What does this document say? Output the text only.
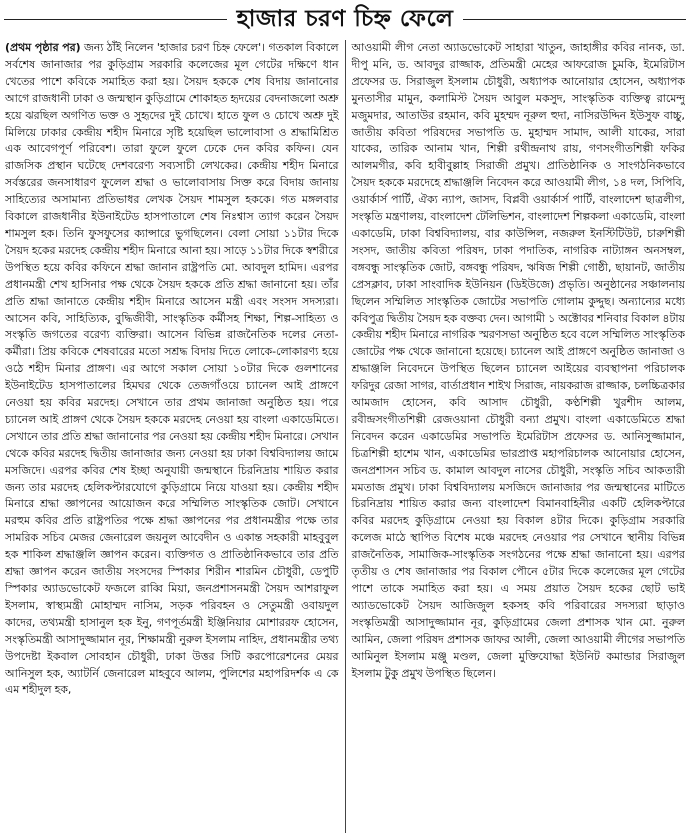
হাজার চরণ চিহ্ন ফেলে

(প্রথম পৃষ্ঠার পর) জন্য ঠাঁই নিলেন 'হাজার চরণ চিহ্ন ফেলে'। গতকাল বিকালে সর্বশেষ জানাজার পর কুড়িগ্রাম সরকারি কলেজের মূল গেটের দক্ষিণে ধান খেতের পাশে কবিকে সমাহিত করা হয়। সৈয়দ হককে শেষ বিদায় জানানোর আগে রাজধানী ঢাকা ও জন্মস্থান কুড়িগ্রামে শোকাহত হৃদয়ের বেদনাজলো অশ্রু হয়ে ঝরছিল অগণিত ভক্ত ও সুহৃদের দুই চোখে। হাতে ফুল ও চোখে অশ্রু দুই মিলিয়ে ঢাকার কেন্দ্রীয় শহীদ মিনারে সৃষ্টি হয়েছিল ভালোবাসা ও শ্রদ্ধামিশ্রিত এক আবেগপূর্ণ পরিবেশ। তারা ফুলে ফুলে ঢেকে দেন কবির কফিন। যেন রাজসিক প্রস্থান ঘটেছে দেশবরেণ্য সব্যসাচী লেখকের। কেন্দ্রীয় শহীদ মিনারে সর্বস্তরের জনসাধারণ ফুলেল শ্রদ্ধা ও ভালোবাসায় সিক্ত করে বিদায় জানায় সাহিত্যের অসামান্য প্রতিভাধর লেখক সৈয়দ শামসুল হককে। গত মঙ্গলবার বিকালে রাজধানীর ইউনাইটেড হাসপাতালে শেষ নিঃশ্বাস ত্যাগ করেন সৈয়দ শামসুল হক। তিনি ফুসফুসের ক্যান্সারে ভুগছিলেন। বেলা সোয়া ১১টার দিকে সৈয়দ হকের মরদেহ কেন্দ্রীয় শহীদ মিনারে আনা হয়। সাড়ে ১১টার দিকে স্বশরীরে উপস্থিত হয়ে কবির কফিনে শ্রদ্ধা জানান রাষ্ট্রপতি মো. আবদুল হামিদ। এরপর প্রধানমন্ত্রী শেখ হাসিনার পক্ষ থেকে সৈয়দ হককে প্রতি শ্রদ্ধা জানানো হয়। তাঁর প্রতি শ্রদ্ধা জানাতে কেন্দ্রীয় শহীদ মিনারে আসেন মন্ত্রী এবং সংসদ সদস্যরা। আসেন কবি, সাহিত্যিক, বুদ্ধিজীবী, সাংস্কৃতিক কর্মীসহ শিক্ষা, শিল্প-সাহিত্য ও সংস্কৃতি জগতের বরেণ্য ব্যক্তিরা। আসেন বিভিন্ন রাজনৈতিক দলের নেতা-কর্মীরা। প্রিয় কবিকে শেষবারের মতো সশ্রদ্ধ বিদায় দিতে লোকে-লোকারণ্য হয়ে ওঠে শহীদ মিনার প্রাঙ্গণ। এর আগে সকাল সোয়া ১০টার দিকে গুলশানের ইউনাইটেড হাসপাতালের হিমঘর থেকে তেজগাঁওয়ে চ্যানেল আই প্রাঙ্গণে নেওয়া হয় কবির মরদেহ। সেখানে তার প্রথম জানাজা অনুষ্ঠিত হয়। পরে চ্যানেল আই প্রাঙ্গণ থেকে সৈয়দ হককে মরদেহ নেওয়া হয় বাংলা একাডেমিতে। সেখানে তার প্রতি শ্রদ্ধা জানানোর পর নেওয়া হয় কেন্দ্রীয় শহীদ মিনারে। সেখান থেকে কবির মরদেহ দ্বিতীয় জানাজার জন্য নেওয়া হয় ঢাকা বিশ্ববিদ্যালয় জামে মসজিদে। এরপর কবির শেষ ইচ্ছা অনুযায়ী জন্মস্থানে চিরনিদ্রায় শায়িত করার জন্য তার মরদেহ হেলিকপ্টারযোগে কুড়িগ্রামে নিয়ে যাওয়া হয়। কেন্দ্রীয় শহীদ মিনারে শ্রদ্ধা জ্ঞাপনের আয়োজন করে সম্মিলিত সাংস্কৃতিক জোট। সেখানে মরহুম কবির প্রতি রাষ্ট্রপতির পক্ষে শ্রদ্ধা জ্ঞাপনের পর প্রধানমন্ত্রীর পক্ষে তার সামরিক সচিব মেজর জেনারেল জয়নুল আবেদীন ও একান্ত সহকারী মাহবুবুল হক শাকিল শ্রদ্ধাঞ্জলি জ্ঞাপন করেন। ব্যক্তিগত ও প্রাতিষ্ঠানিকভাবে তার প্রতি শ্রদ্ধা জ্ঞাপন করেন জাতীয় সংসদের স্পিকার শিরীন শারমিন চৌধুরী, ডেপুটি স্পিকার অ্যাডভোকেট ফজলে রাব্বি মিয়া, জনপ্রশাসনমন্ত্রী সৈয়দ আশরাফুল ইসলাম, স্বাস্থ্যমন্ত্রী মোহাম্মদ নাসিম, সড়ক পরিবহন ও সেতুমন্ত্রী ওবায়দুল কাদের, তথ্যমন্ত্রী হাসানুল হক ইনু, গণপূর্তমন্ত্রী ইঞ্জিনিয়ার মোশাররফ হোসেন, সংস্কৃতিমন্ত্রী আসাদুজ্জামান নূর, শিক্ষামন্ত্রী নুরুল ইসলাম নাহিদ, প্রধানমন্ত্রীর তথ্য উপদেষ্টা ইকবাল সোবহান চৌধুরী, ঢাকা উত্তর সিটি করপোরেশনের মেয়র আনিসুল হক, অ্যাটর্নি জেনারেল মাহবুবে আলম, পুলিশের মহাপরিদর্শক এ কে এম শহীদুল হক,

আওয়ামী লীগ নেতা অ্যাডভোকেট সাহারা খাতুন, জাহাঙ্গীর কবির নানক, ডা. দীপু মনি, ড. আবদুর রাজ্জাক, প্রতিমন্ত্রী মেহের আফরোজ চুমকি, ইমেরিটাস প্রফেসর ড. সিরাজুল ইসলাম চৌধুরী, অধ্যাপক আনোয়ার হোসেন, অধ্যাপক মুনতাসীর মামুন, কলামিস্ট সৈয়দ আবুল মকসুদ, সাংস্কৃতিক ব্যক্তিত্ব রামেন্দু মজুমদার, আতাউর রহমান, কবি মুহম্মদ নূরুল হুদা, নাসিরউদ্দিন ইউসুফ বাচ্চু, জাতীয় কবিতা পরিষদের সভাপতি ড. মুহাম্মদ সামাদ, আলী যাকের, সারা যাকের, তারিক আনাম খান, শিল্পী রথীন্দ্রনাথ রায়, গণসংগীতশিল্পী ফকির আলমগীর, কবি হাবীবুল্লাহ সিরাজী প্রমুখ। প্রাতিষ্ঠানিক ও সাংগঠনিকভাবে সৈয়দ হককে মরদেহে শ্রদ্ধাঞ্জলি নিবেদন করে আওয়ামী লীগ, ১৪ দল, সিপিবি, ওয়ার্কার্স পার্টি, ঐক্য ন্যাপ, জাসদ, বিপ্লবী ওয়ার্কার্স পার্টি, বাংলাদেশ ছাত্রলীগ, সংস্কৃতি মন্ত্রণালয়, বাংলাদেশ টেলিভিশন, বাংলাদেশ শিল্পকলা একাডেমি, বাংলা একাডেমি, ঢাকা বিশ্ববিদ্যালয়, বার কাউন্সিল, নজরুল ইনস্টিটিউট, চারুশিল্পী সংসদ, জাতীয় কবিতা পরিষদ, ঢাকা পদাতিক, নাগরিক নাট্যাঙ্গন অনসম্বল, বঙ্গবন্ধু সাংস্কৃতিক জোট, বঙ্গবন্ধু পরিষদ, ঋষিজ শিল্পী গোষ্ঠী, ছায়ানট, জাতীয় প্রেসক্লাব, ঢাকা সাংবাদিক ইউনিয়ন (ডিইউজে) প্রভৃতি। অনুষ্ঠানের সঞ্চালনায় ছিলেন সম্মিলিত সাংস্কৃতিক জোটের সভাপতি গোলাম কুদ্দুছ। অন্যান্যের মধ্যে কবিপুত্র দ্বিতীয় সৈয়দ হক বক্তব্য দেন। আগামী ১ অক্টোবর শনিবার বিকাল ৪টায় কেন্দ্রীয় শহীদ মিনারে নাগরিক স্মরণসভা অনুষ্ঠিত হবে বলে সম্মিলিত সাংস্কৃতিক জোটের পক্ষ থেকে জানানো হয়েছে। চ্যানেল আই প্রাঙ্গণে অনুষ্ঠিত জানাজা ও শ্রদ্ধাঞ্জলি নিবেদনে উপস্থিত ছিলেন চ্যানেল আইয়ের ব্যবস্থাপনা পরিচালক ফরিদুর রেজা সাগর, বার্তাপ্রধান শাইখ সিরাজ, নায়করাজ রাজ্জাক, চলচ্চিত্রকার আমজাদ হোসেন, কবি আসাদ চৌধুরী, কণ্ঠশিল্পী খুরশীদ আলম, রবীন্দ্রসংগীতশিল্পী রেজওয়ানা চৌধুরী বন্যা প্রমুখ। বাংলা একাডেমিতে শ্রদ্ধা নিবেদন করেন একাডেমির সভাপতি ইমেরিটাস প্রফেসর ড. আনিসুজ্জামান, চিত্রশিল্পী হাশেম খান, একাডেমির ভারপ্রাপ্ত মহাপরিচালক আনোয়ার হোসেন, জনপ্রশাসন সচিব ড. কামাল আবদুল নাসের চৌধুরী, সংস্কৃতি সচিব আকতারী মমতাজ প্রমুখ। ঢাকা বিশ্ববিদ্যালয় মসজিদে জানাজার পর জন্মস্থানের মাটিতে চিরনিদ্রায় শায়িত করার জন্য বাংলাদেশ বিমানবাহিনীর একটি হেলিকপ্টারে কবির মরদেহ কুড়িগ্রামে নেওয়া হয় বিকাল ৪টার দিকে। কুড়িগ্রাম সরকারি কলেজ মাঠে স্থাপিত বিশেষ মঞ্চে মরদেহ নেওয়ার পর সেখানে স্থানীয় বিভিন্ন রাজনৈতিক, সামাজিক-সাংস্কৃতিক সংগঠনের পক্ষে শ্রদ্ধা জানানো হয়। এরপর তৃতীয় ও শেষ জানাজার পর বিকাল পৌনে ৫টার দিকে কলেজের মূল গেটের পাশে তাকে সমাহিত করা হয়। এ সময় প্রয়াত সৈয়দ হকের ছোট ভাই অ্যাডভোকেট সৈয়দ আজিজুল হকসহ কবি পরিবারের সদস্যরা ছাড়াও সংস্কৃতিমন্ত্রী আসাদুজ্জামান নূর, কুড়িগ্রামের জেলা প্রশাসক খান মো. নুরুল আমিন, জেলা পরিষদ প্রশাসক জাফর আলী, জেলা আওয়ামী লীগের সভাপতি আমিনুল ইসলাম মঞ্জু মণ্ডল, জেলা মুক্তিযোদ্ধা ইউনিট কমান্ডার সিরাজুল ইসলাম টুকু প্রমুখ উপস্থিত ছিলেন।
